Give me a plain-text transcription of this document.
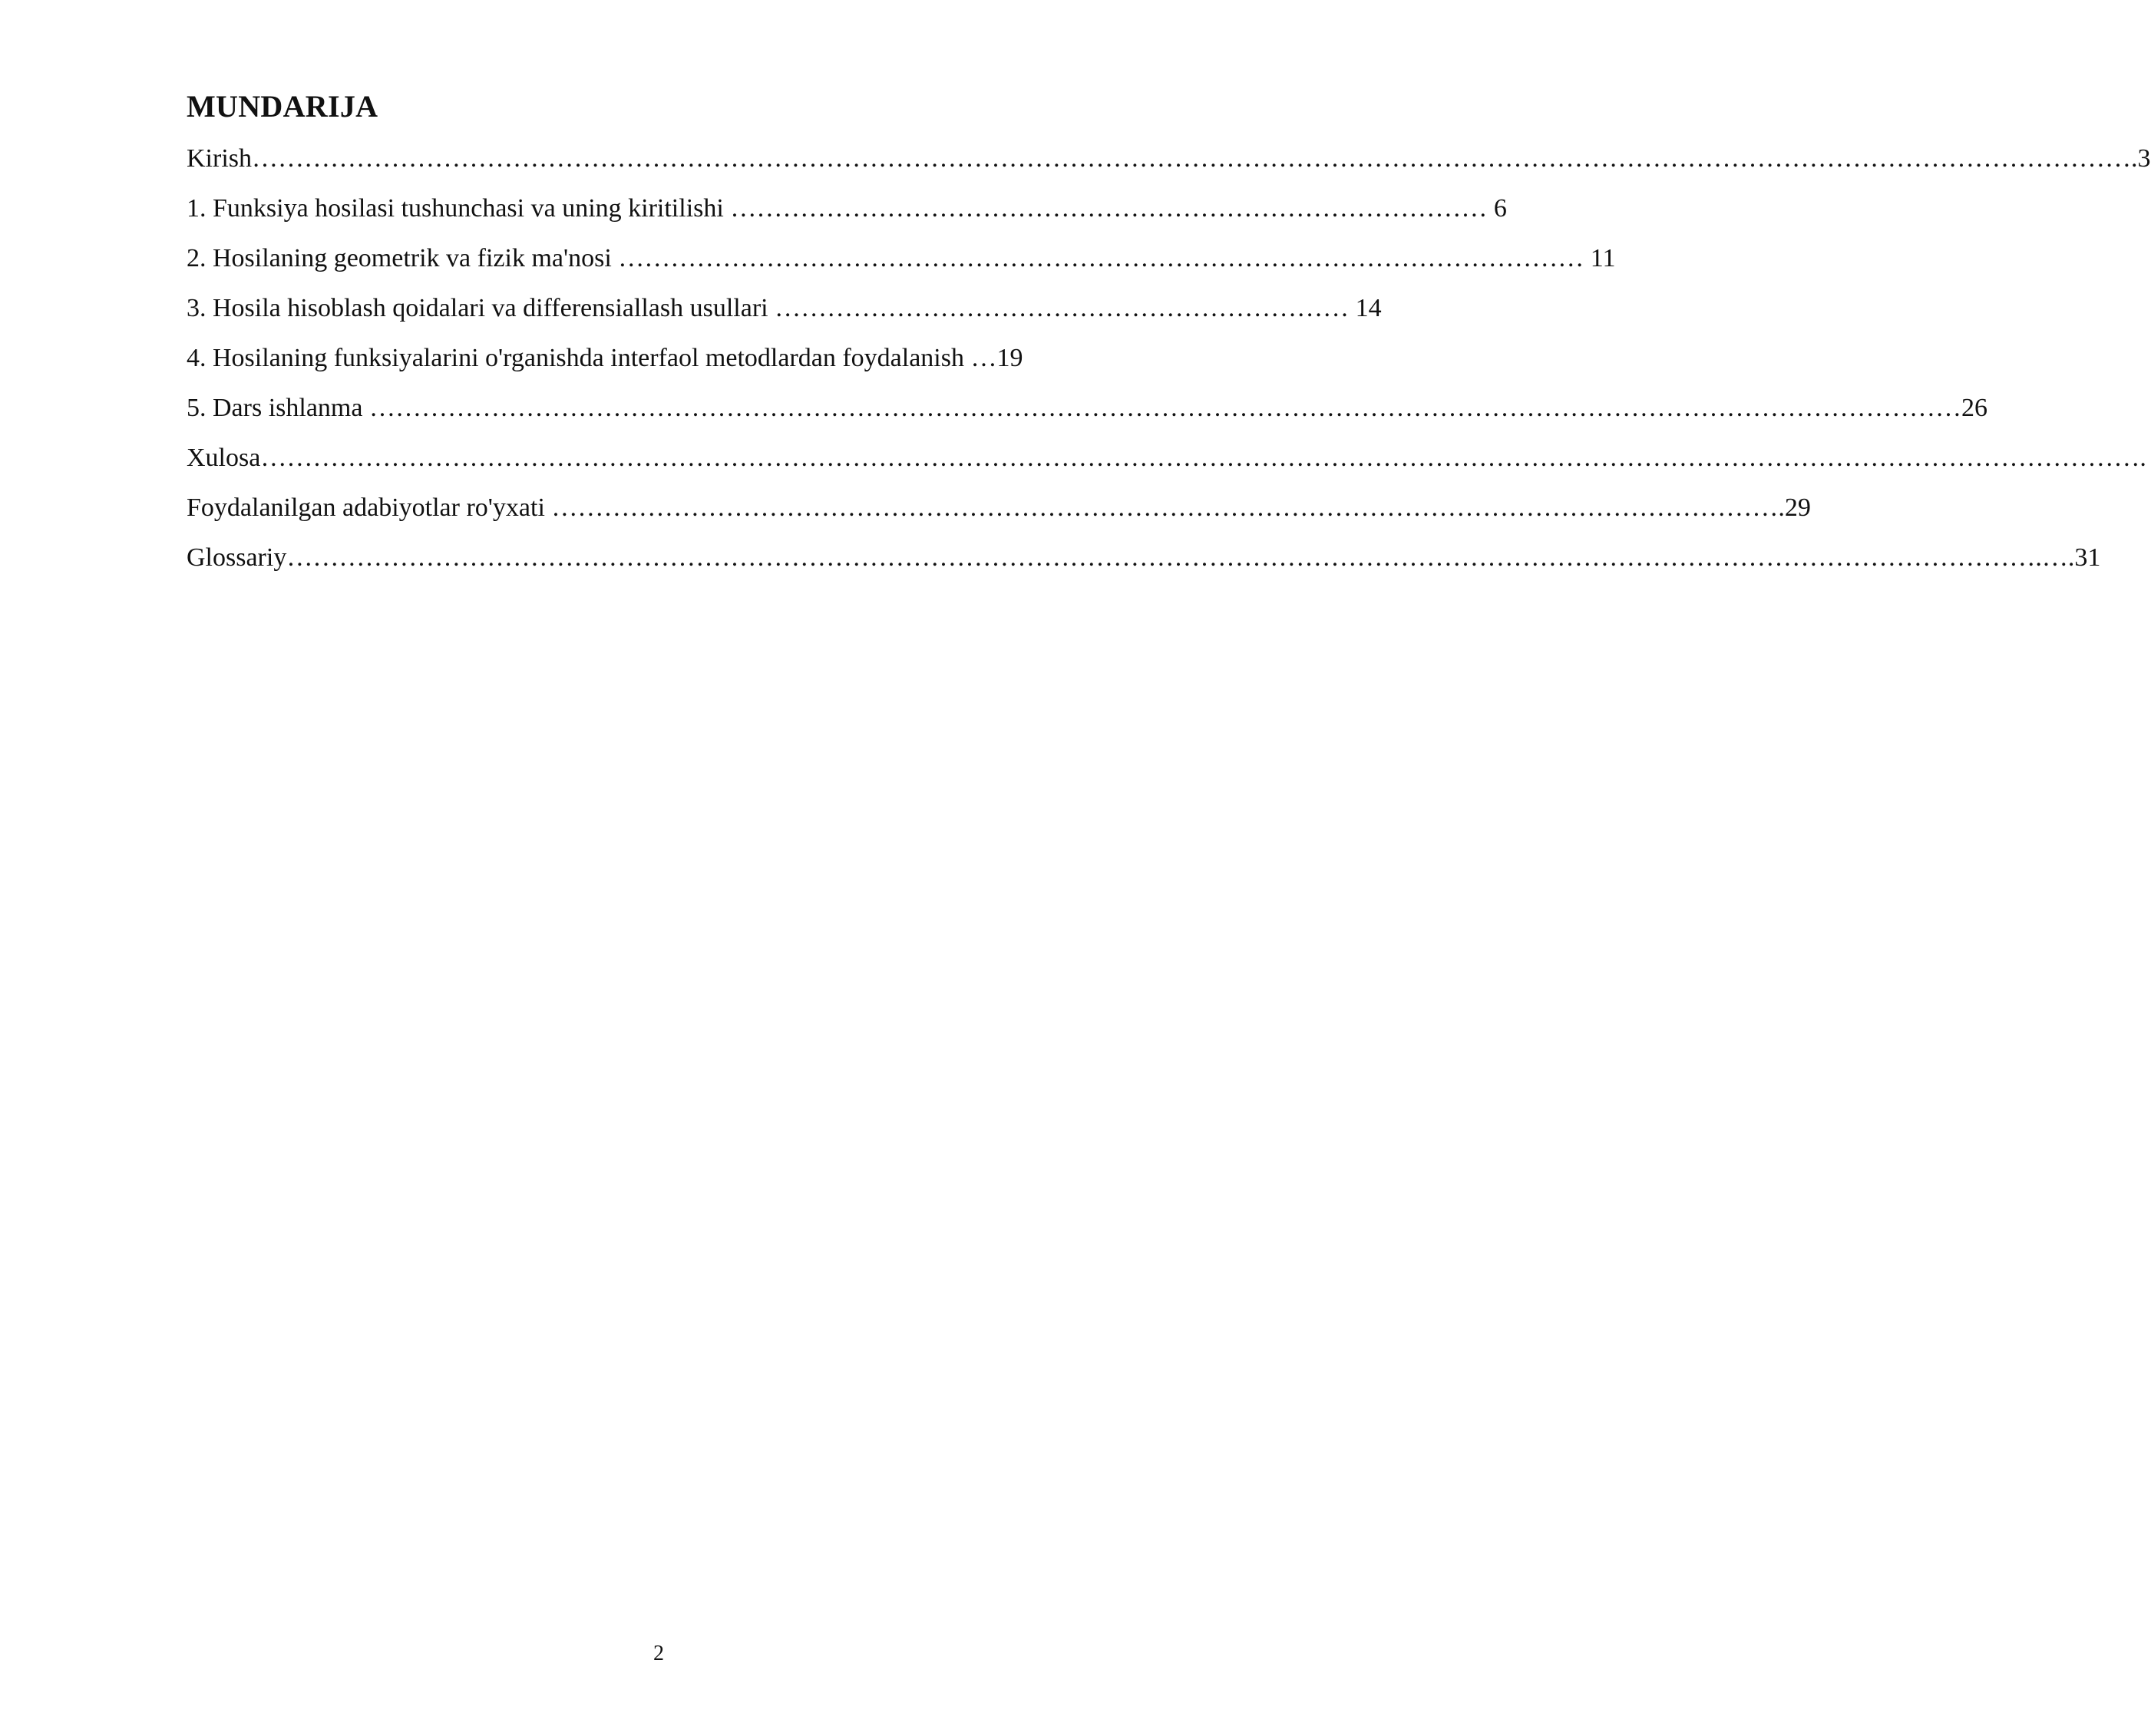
MUNDARIJA
Kirish……………………………………………………………………………………………………………………………………………………………………………………………….3
1. Funksiya hosilasi tushunchasi va uning kiritilishi …………………………………………………………………………… 6
2. Hosilaning geometrik va fizik ma'nosi ………………………………………………………………………………………………… 11
3. Hosila hisoblash qoidalari va differensiallash usullari ………………………………………………………… 14
4. Hosilaning funksiyalarini o'rganishda interfaol metodlardan foydalanish …19
5. Dars ishlanma …………………………………………………………………………………………………………………………………………………………………26
Xulosa……………………………………………………………………………………………………………………………………………………………………………………………….
Foydalanilgan adabiyotlar ro'yxati …………………………………………………………………………………………………………………………….29
Glossariy………………………………………………………………………………………………………………………………………………………………………………….….31
2
